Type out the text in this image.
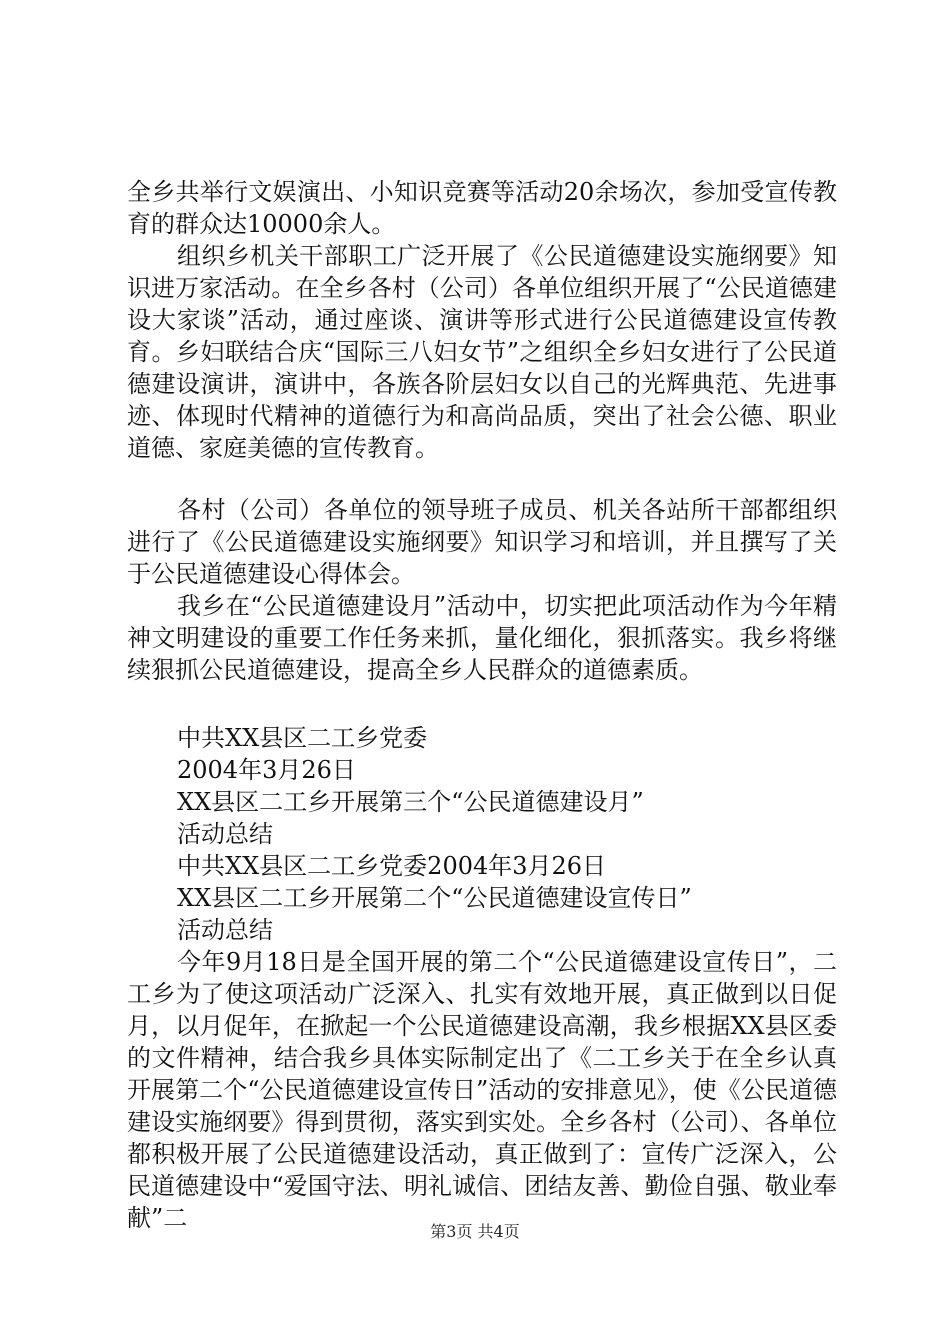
全乡共举行文娱演出、小知识竞赛等活动20余场次，参加受宣传教育的群众达10000余人。

组织乡机关干部职工广泛开展了《公民道德建设实施纲要》知识进万家活动。在全乡各村（公司）各单位组织开展了“公民道德建设大家谈”活动，通过座谈、演讲等形式进行公民道德建设宣传教育。乡妇联结合庆“国际三八妇女节”之组织全乡妇女进行了公民道德建设演讲，演讲中，各族各阶层妇女以自己的光辉典范、先进事迹、体现时代精神的道德行为和高尚品质，突出了社会公德、职业道德、家庭美德的宣传教育。

各村（公司）各单位的领导班子成员、机关各站所干部都组织进行了《公民道德建设实施纲要》知识学习和培训，并且撰写了关于公民道德建设心得体会。

我乡在“公民道德建设月”活动中，切实把此项活动作为今年精神文明建设的重要工作任务来抓，量化细化，狠抓落实。我乡将继续狠抓公民道德建设，提高全乡人民群众的道德素质。

中共XX县区二工乡党委

2004年3月26日

XX县区二工乡开展第三个“公民道德建设月”

活动总结

中共XX县区二工乡党委2004年3月26日

XX县区二工乡开展第二个“公民道德建设宣传日”

活动总结

今年9月18日是全国开展的第二个“公民道德建设宣传日”，二工乡为了使这项活动广泛深入、扎实有效地开展，真正做到以日促月，以月促年，在掀起一个公民道德建设高潮，我乡根据XX县区委的文件精神，结合我乡具体实际制定出了《二工乡关于在全乡认真开展第二个“公民道德建设宣传日”活动的安排意见》，使《公民道德建设实施纲要》得到贯彻，落实到实处。全乡各村（公司）、各单位都积极开展了公民道德建设活动，真正做到了：宣传广泛深入，公民道德建设中“爱国守法、明礼诚信、团结友善、勤俭自强、敬业奉献”二	第3页 共4页
